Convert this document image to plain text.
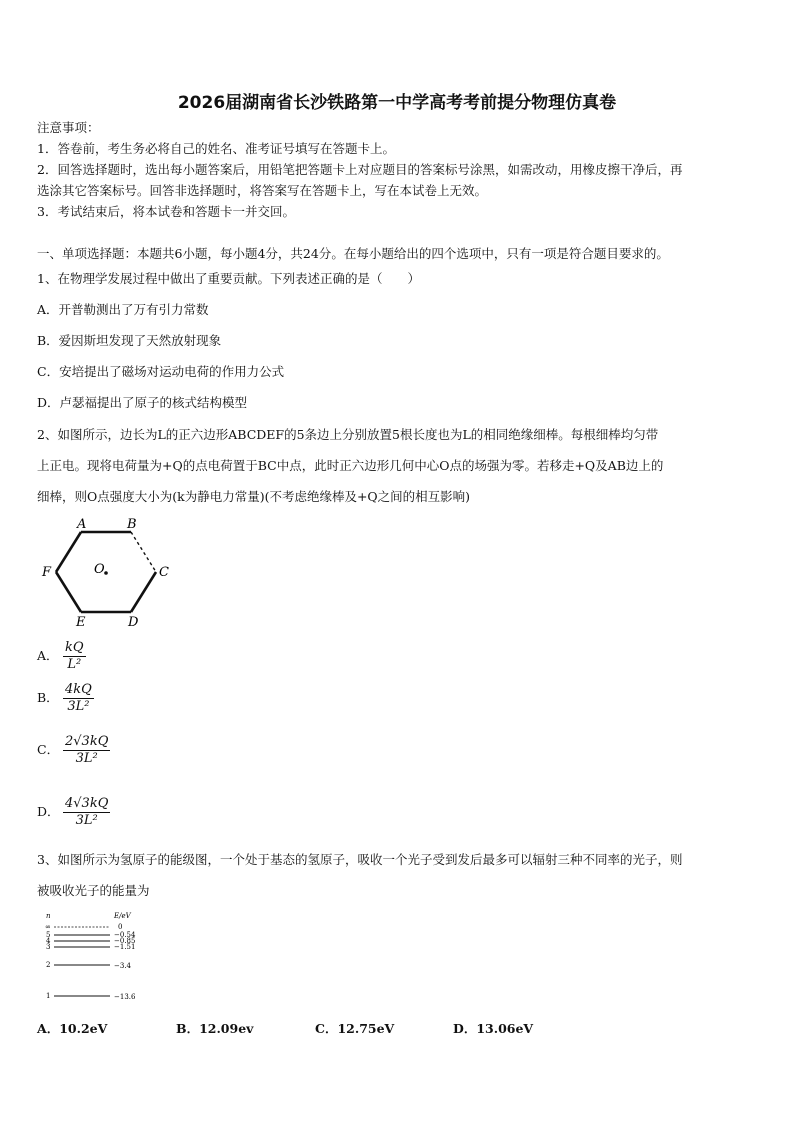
2026届湖南省长沙铁路第一中学高考考前提分物理仿真卷
注意事项：
1．答卷前，考生务必将自己的姓名、准考证号填写在答题卡上。
2．回答选择题时，选出每小题答案后，用铅笔把答题卡上对应题目的答案标号涂黑，如需改动，用橡皮擦干净后，再
选涂其它答案标号。回答非选择题时，将答案写在答题卡上，写在本试卷上无效。
3．考试结束后，将本试卷和答题卡一并交回。
一、单项选择题：本题共6小题，每小题4分，共24分。在每小题给出的四个选项中，只有一项是符合题目要求的。
1、在物理学发展过程中做出了重要贡献。下列表述正确的是（　　）
A．开普勒测出了万有引力常数
B．爱因斯坦发现了天然放射现象
C．安培提出了磁场对运动电荷的作用力公式
D．卢瑟福提出了原子的核式结构模型
2、如图所示，边长为L的正六边形ABCDEF的5条边上分别放置5根长度也为L的相同绝缘细棒。每根细棒均匀带
上正电。现将电荷量为+Q的点电荷置于BC中点，此时正六边形几何中心O点的场强为零。若移走+Q及AB边上的
细棒，则O点强度大小为(k为静电力常量)(不考虑绝缘棒及+Q之间的相互影响)
A	B
C
D
E
F	O
A． $\frac{kQ}{\text{L²}}$
B． $\frac{4kQ}{\text{3L²}}$
C． $\frac{2√3kQ}{\text{3L²}}$
D． $\frac{4√3kQ}{\text{3L²}}$
3、如图所示为氢原子的能级图，一个处于基态的氢原子，吸收一个光子受到发后最多可以辐射三种不同率的光子，则
被吸收光子的能量为
n	E/eV
∞	0
5	−0.54
4	−0.85
3	−1.51
2	−3.4
1	−13.6
A．10.2eV	B．12.09ev	C．12.75eV	D．13.06eV
